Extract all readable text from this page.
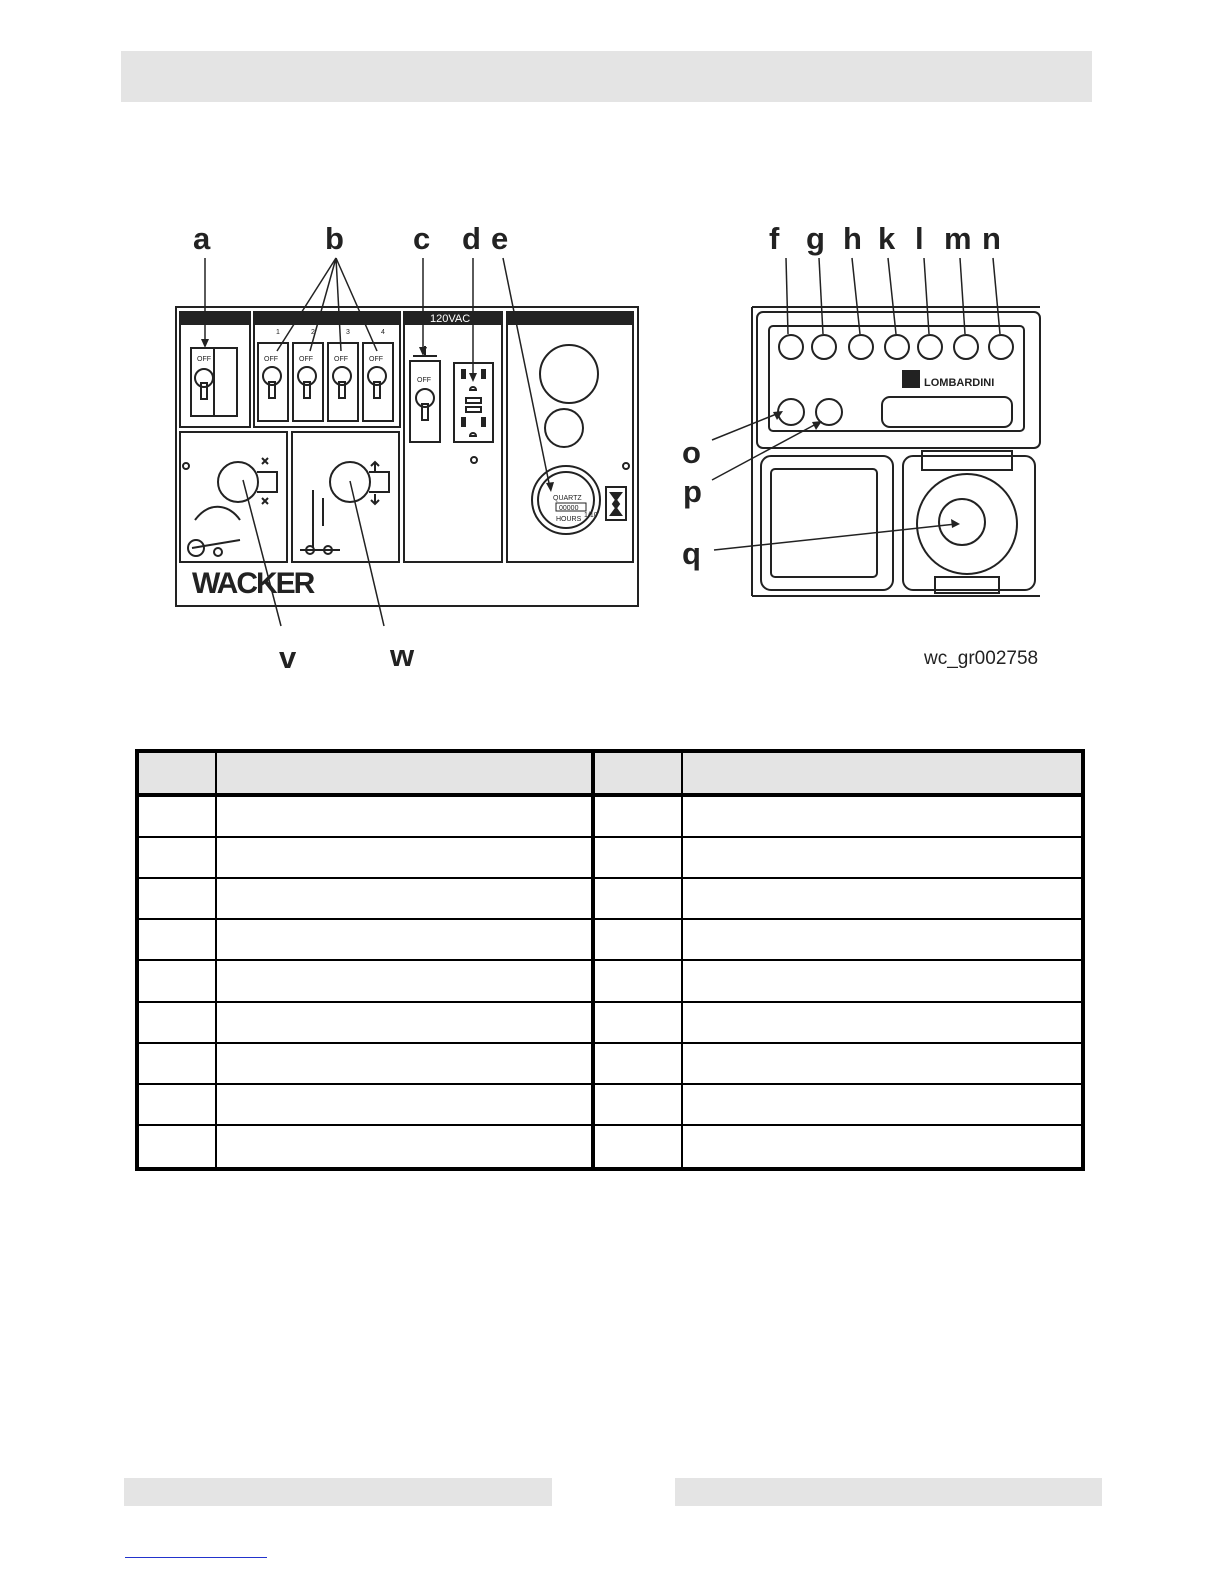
WACKER
OFF	OFF	OFF	OFF	OFF
OFF
120VAC
1	2	3	4
QUARTZ
00000
1/10
HOURS
LOMBARDINI
a	b c d e	f g h k l m n
o
p
q
v	w	wc_gr002758
